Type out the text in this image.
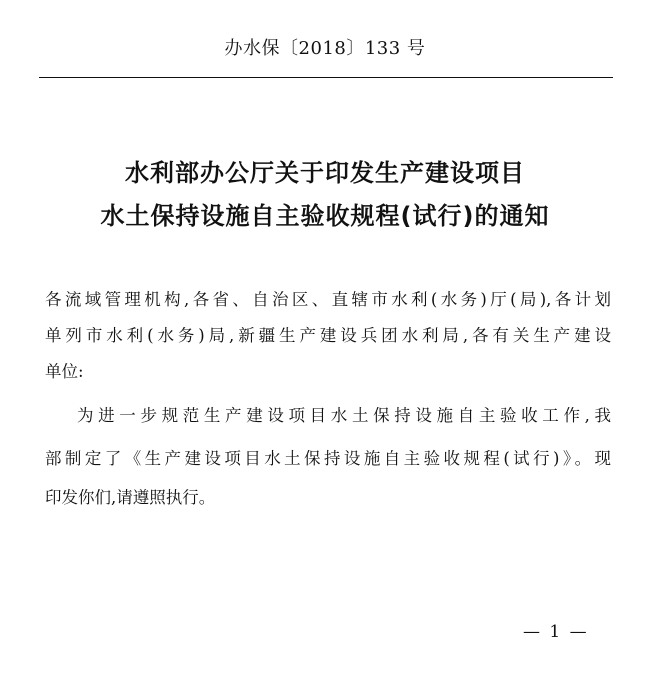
办水保〔2018〕133 号
水利部办公厅关于印发生产建设项目
水土保持设施自主验收规程(试行)的通知
各流域管理机构,各省、自治区、直辖市水利(水务)厅(局),各计划
单列市水利(水务)局,新疆生产建设兵团水利局,各有关生产建设
单位:
为进一步规范生产建设项目水土保持设施自主验收工作,我
部制定了《生产建设项目水土保持设施自主验收规程(试行)》。现
印发你们,请遵照执行。
— 1 —
